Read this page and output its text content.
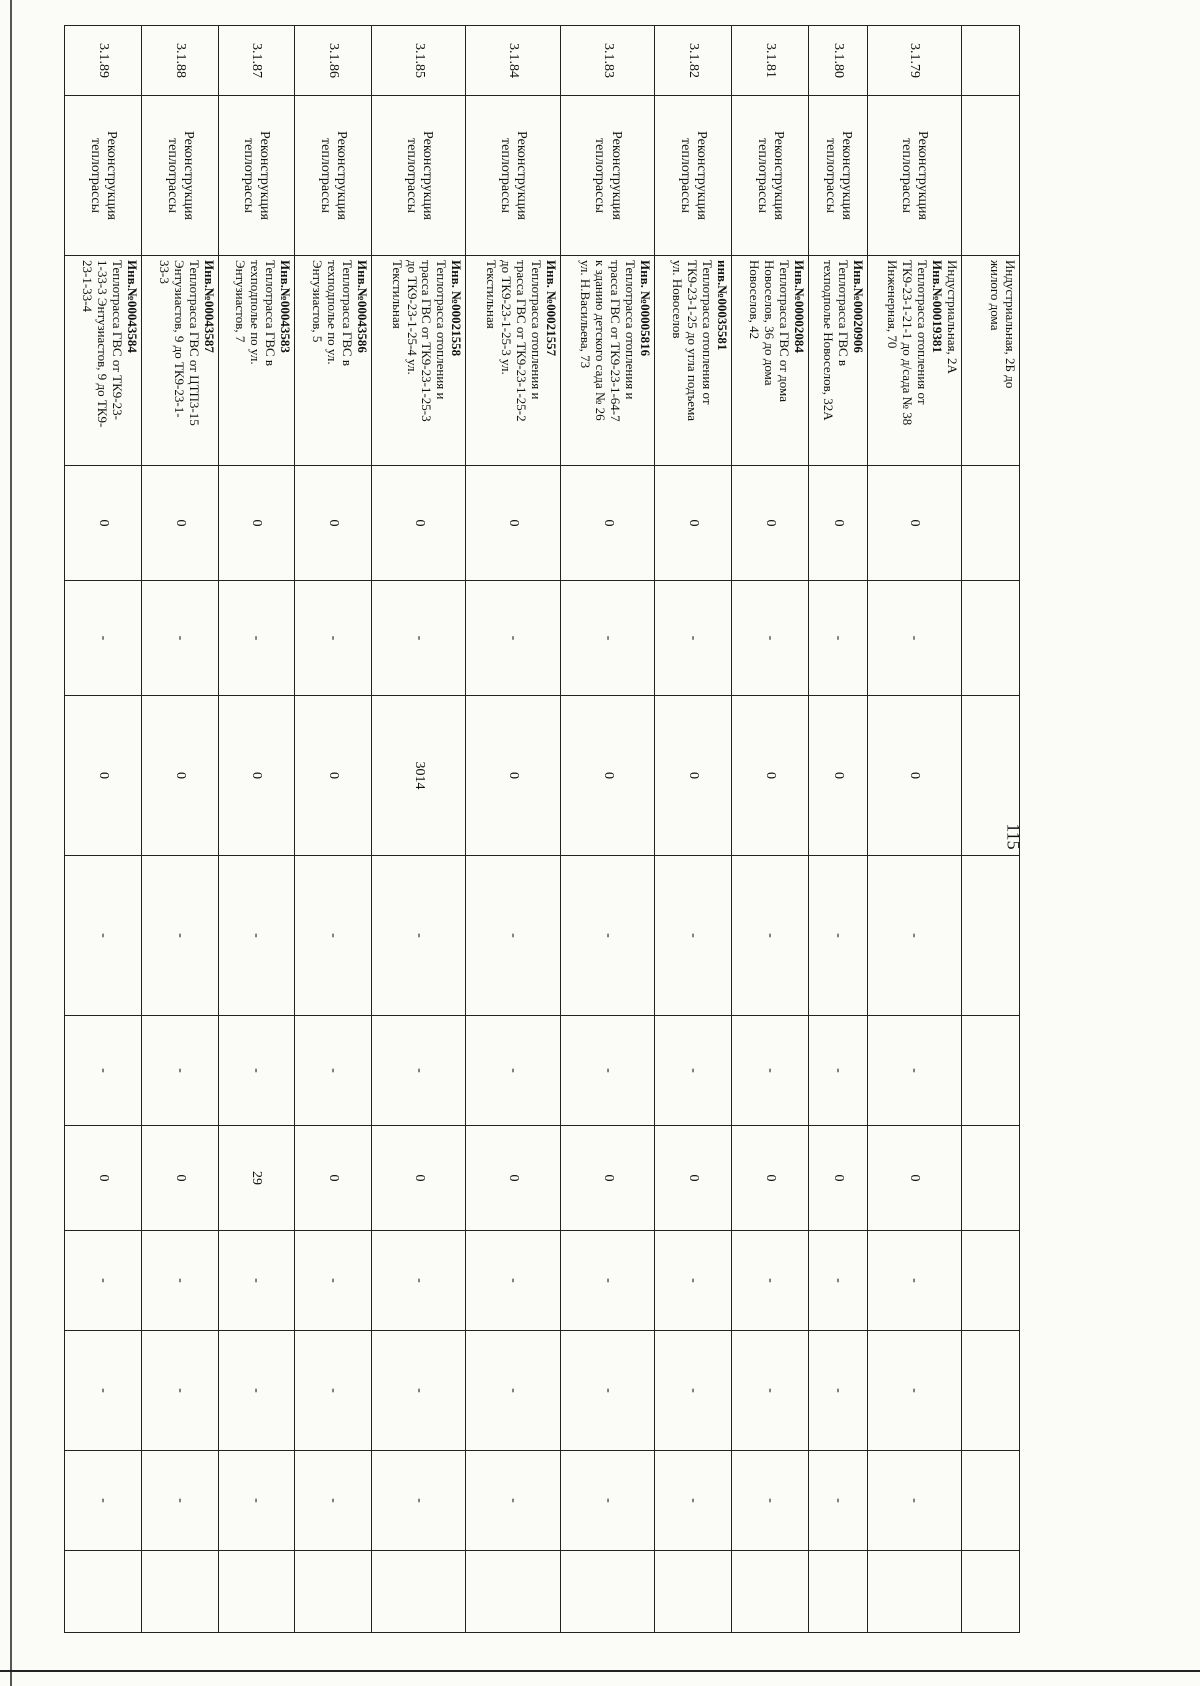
115

		Индустриальная, 2Б до
жилого дома										

3.1.79	Реконструкция теплотрассы	Индустриальная, 2А
Инв.№00019381
Теплотрасса отопления от
ТК9-23-1-21-1 до д/сада № 38
Инженерная, 70	0	-	0	-	-	0	-	-	-	
3.1.80	Реконструкция теплотрассы	Инв.№00020906
Теплотрасса ГВС в
техподполье Новоселов, 32А	0	-	0	-	-	0	-	-	-	
3.1.81	Реконструкция теплотрассы	Инв.№00002084
Теплотрасса ГВС от дома
Новоселов, 36 до дома
Новоселов, 42	0	-	0	-	-	0	-	-	-	
3.1.82	Реконструкция теплотрассы	инв.№00035581
Теплотрасса отопления от
ТК9-23-1-25 до угла подъема
ул. Новоселов	0	-	0	-	-	0	-	-	-	
3.1.83	Реконструкция теплотрассы	Инв. №00005816
Теплотрасса отопления и
трасса ГВС от ТК9-23-1-64-7
к зданию детского сада № 26
ул. Н.Васильева, 73	0	-	0	-	-	0	-	-	-	
3.1.84	Реконструкция теплотрассы	Инв. №00021557
Теплотрасса отопления и
трасса ГВС от ТК9-23-1-25-2
до ТК9-23-1-25-3 ул.
Текстильная	0	-	0	-	-	0	-	-	-	
3.1.85	Реконструкция теплотрассы	Инв. №00021558
Теплотрасса отопления и
трасса ГВС от ТК9-23-1-25-3
до ТК9-23-1-25-4 ул.
Текстильная	0	-	3014	-	-	0	-	-	-	
3.1.86	Реконструкция теплотрассы	Инв.№00043586
Теплотрасса ГВС в
техподполье по ул.
Энтузиастов, 5	0	-	0	-	-	0	-	-	-	
3.1.87	Реконструкция теплотрассы	Инв.№00043583
Теплотрасса ГВС в
техподполье по ул.
Энтузиастов, 7	0	-	0	-	-	29	-	-	-	
3.1.88	Реконструкция теплотрассы	Инв.№00043587
Теплотрасса ГВС от ЦТП3-15
Энтузиастов, 9 до ТК9-23-1-
33-3	0	-	0	-	-	0	-	-	-	
3.1.89	Реконструкция теплотрассы	Инв.№00043584
Теплотрасса ГВС от ТК9-23-
1-33-3 Энтузиастов, 9 до ТК9-
23-1-33-4	0	-	0	-	-	0	-	-	-	
